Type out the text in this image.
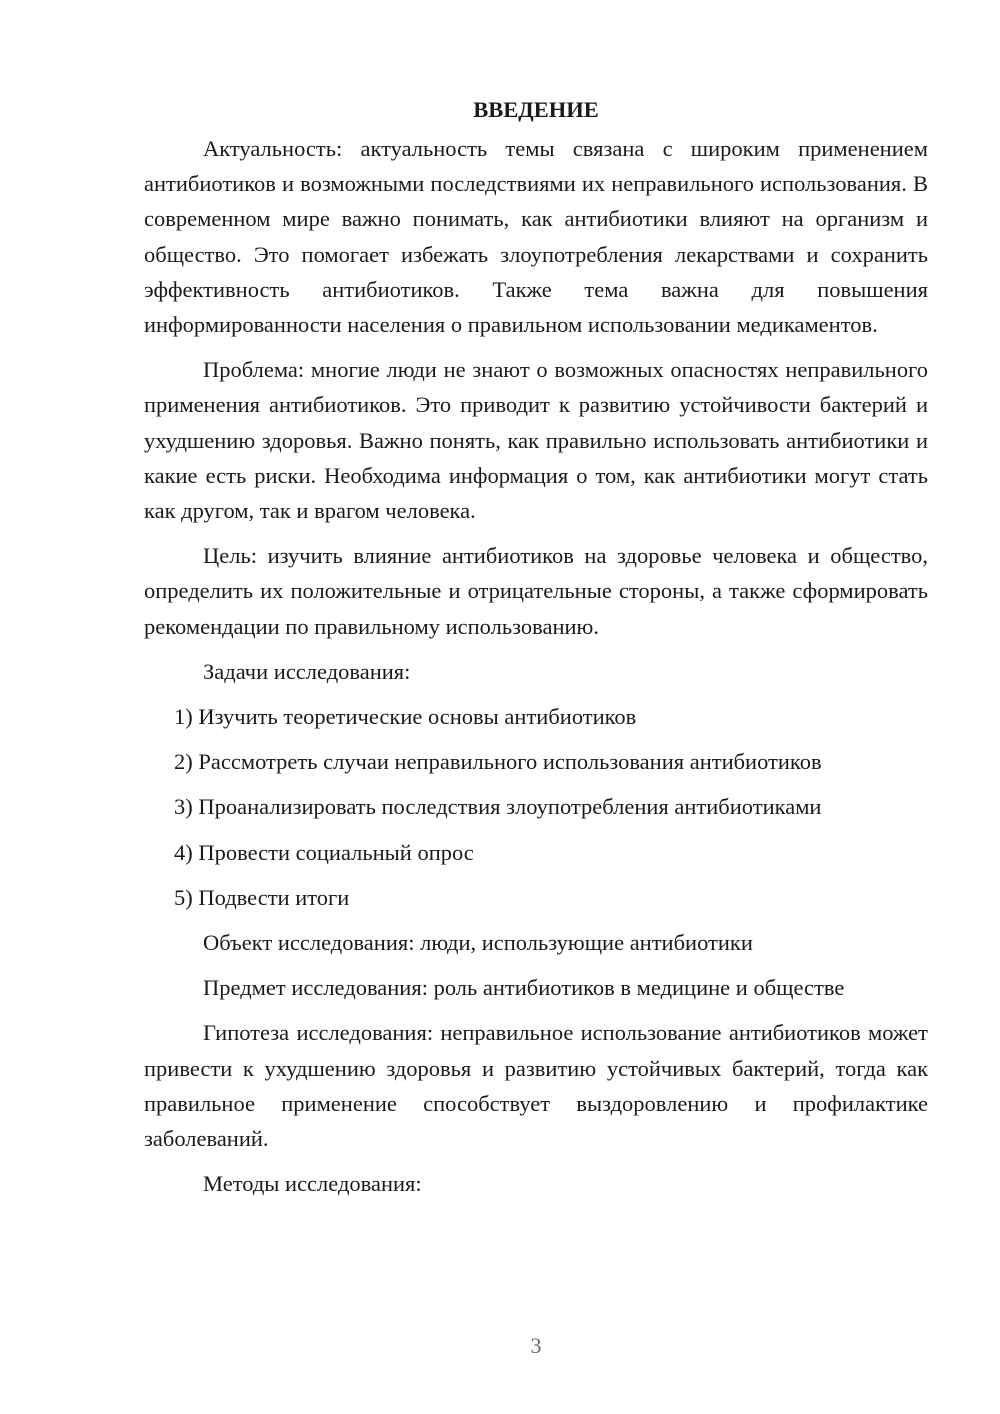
ВВЕДЕНИЕ

Актуальность: актуальность темы связана с широким применением антибиотиков и возможными последствиями их неправильного использования. В современном мире важно понимать, как антибиотики влияют на организм и общество. Это помогает избежать злоупотребления лекарствами и сохранить эффективность антибиотиков. Также тема важна для повышения информированности населения о правильном использовании медикаментов.

Проблема: многие люди не знают о возможных опасностях неправильного применения антибиотиков. Это приводит к развитию устойчивости бактерий и ухудшению здоровья. Важно понять, как правильно использовать антибиотики и какие есть риски. Необходима информация о том, как антибиотики могут стать как другом, так и врагом человека.

Цель: изучить влияние антибиотиков на здоровье человека и общество, определить их положительные и отрицательные стороны, а также сформировать рекомендации по правильному использованию.

Задачи исследования:
1) Изучить теоретические основы антибиотиков
2) Рассмотреть случаи неправильного использования антибиотиков
3) Проанализировать последствия злоупотребления антибиотиками
4) Провести социальный опрос
5) Подвести итоги
Объект исследования: люди, использующие антибиотики
Предмет исследования: роль антибиотиков в медицине и обществе

Гипотеза исследования: неправильное использование антибиотиков может привести к ухудшению здоровья и развитию устойчивых бактерий, тогда как правильное применение способствует выздоровлению и профилактике заболеваний.

Методы исследования:
3
